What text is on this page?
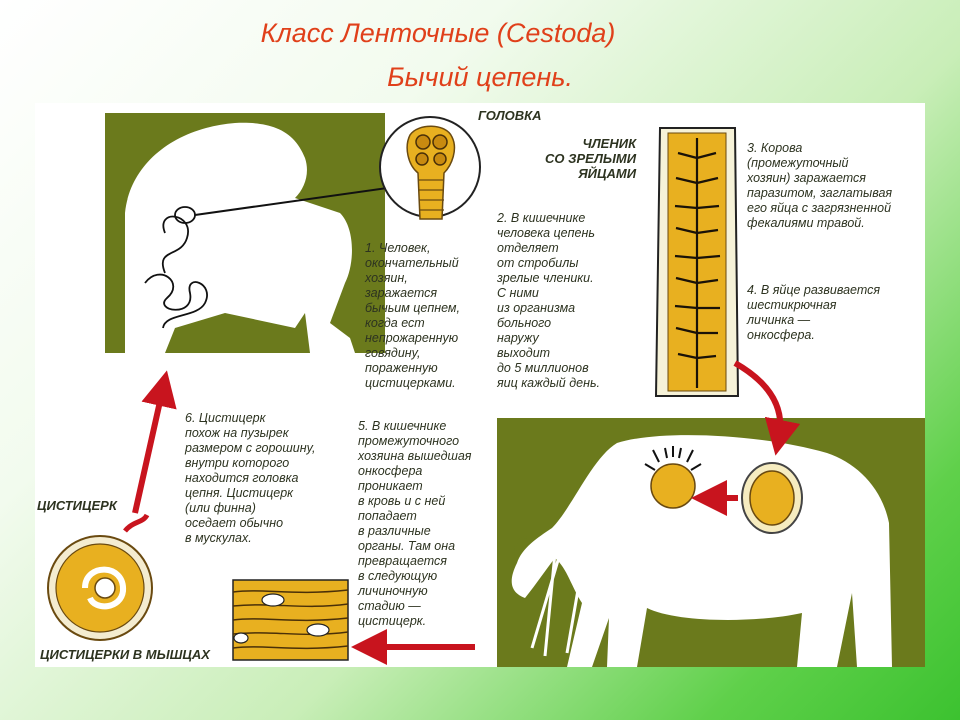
Класс Ленточные (Cestoda)
Бычий цепень.
ГОЛОВКА
ЧЛЕНИК
СО ЗРЕЛЫМИ
ЯЙЦАМИ
1. Человек,
окончательный
хозяин,
заражается
бычьим цепнем,
когда ест
непрожаренную
говядину,
пораженную
цистицерками.
2. В кишечнике
человека цепень
отделяет
от стробилы
зрелые членики.
С ними
из организма
больного
наружу
выходит
до 5 миллионов
яиц каждый день.
3. Корова
(промежуточный
хозяин) заражается
паразитом, заглатывая
его яйца с загрязненной
фекалиями травой.
4. В яйце развивается
шестикрючная
личинка —
онкосфера.
5. В кишечнике
промежуточного
хозяина вышедшая
онкосфера
проникает
в кровь и с ней
попадает
в различные
органы. Там она
превращается
в следующую
личиночную
стадию —
цистицерк.
6. Цистицерк
похож на пузырек
размером с горошину,
внутри которого
находится головка
цепня. Цистицерк
(или финна)
оседает обычно
в мускулах.	СВОБОДНАЯ
ОНКОСФЕРА
ОНКОСФЕРА
В ЯЙЦЕ
ЦИСТИЦЕРК
ЦИСТИЦЕРКИ В МЫШЦАХ
